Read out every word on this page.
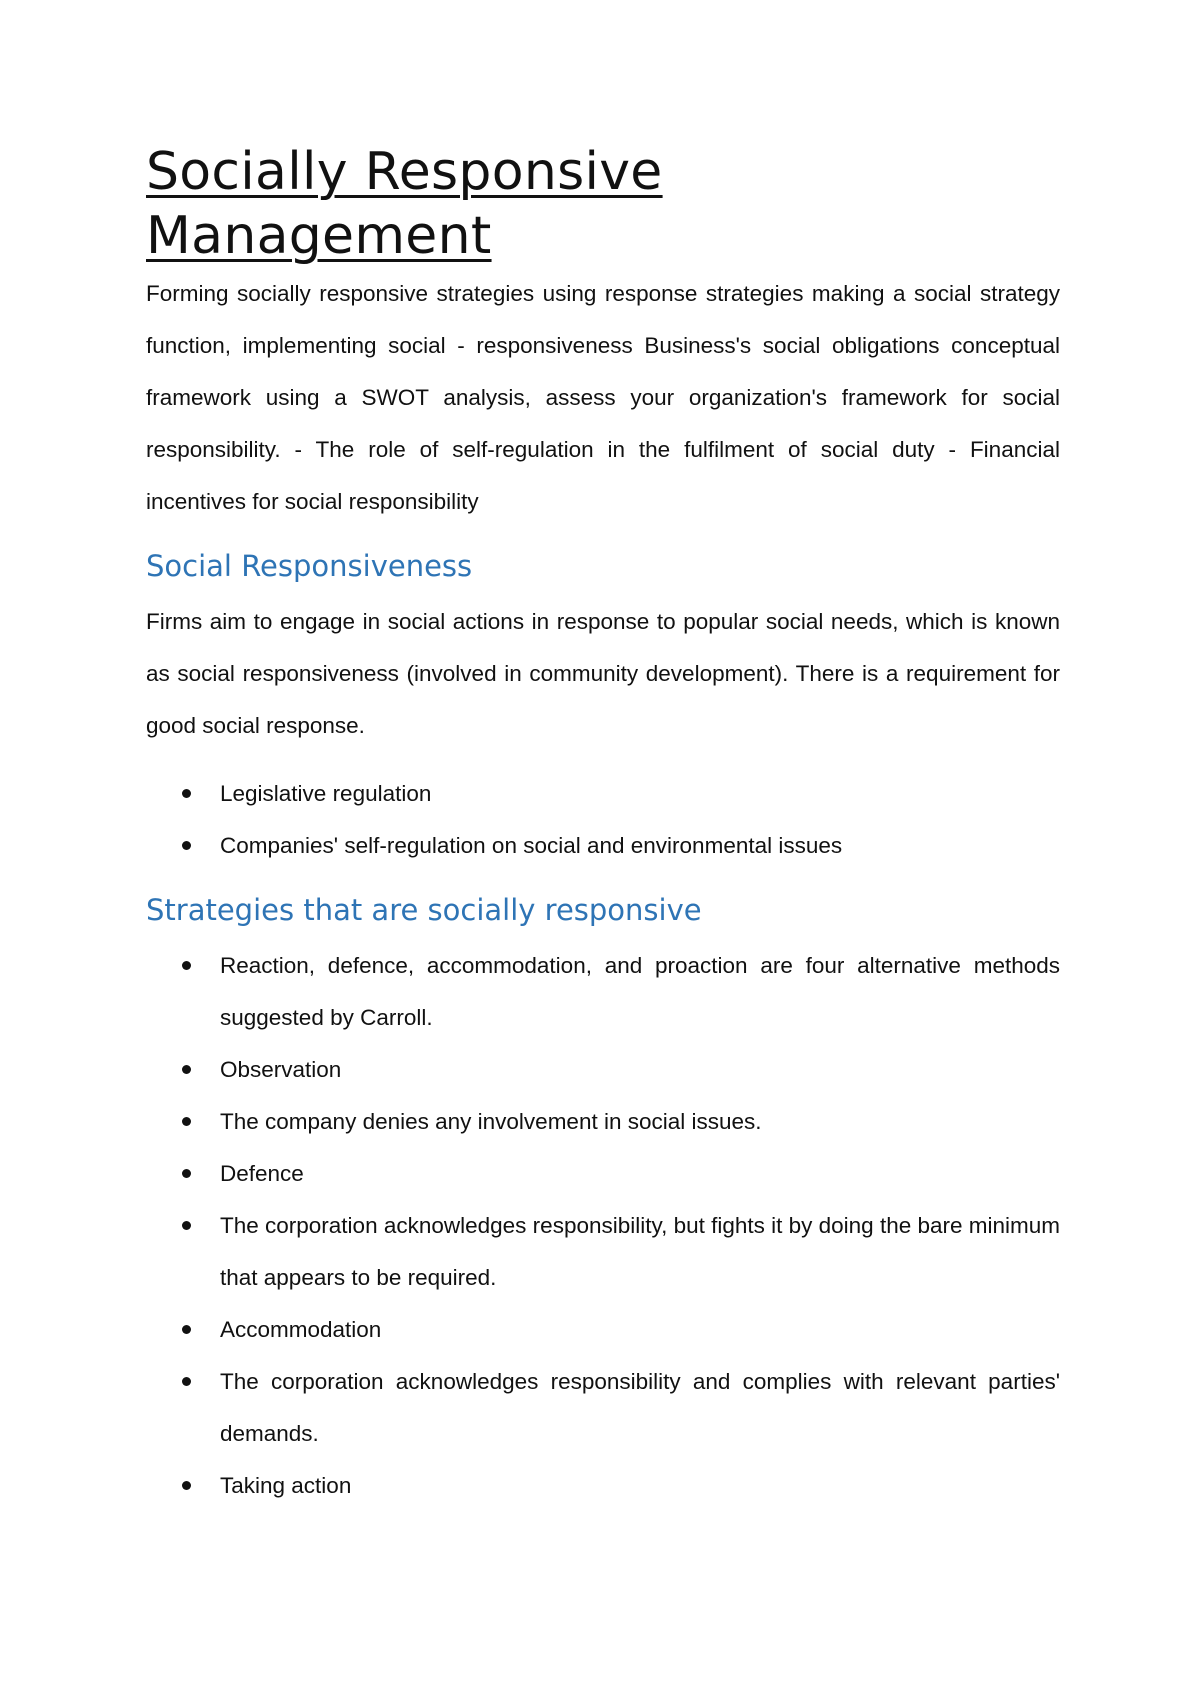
Socially Responsive
Management

Forming socially responsive strategies using response strategies making a social strategy function, implementing social - responsiveness Business's social obligations conceptual framework using a SWOT analysis, assess your organization's framework for social responsibility. - The role of self-regulation in the fulfilment of social duty - Financial incentives for social responsibility

Social Responsiveness

Firms aim to engage in social actions in response to popular social needs, which is known as social responsiveness (involved in community development). There is a requirement for good social response.

Legislative regulation
Companies' self-regulation on social and environmental issues
Strategies that are socially responsive
Reaction, defence, accommodation, and proaction are four alternative methods suggested by Carroll.
Observation
The company denies any involvement in social issues.
Defence
The corporation acknowledges responsibility, but fights it by doing the bare minimum that appears to be required.
Accommodation
The corporation acknowledges responsibility and complies with relevant parties' demands.
Taking action
